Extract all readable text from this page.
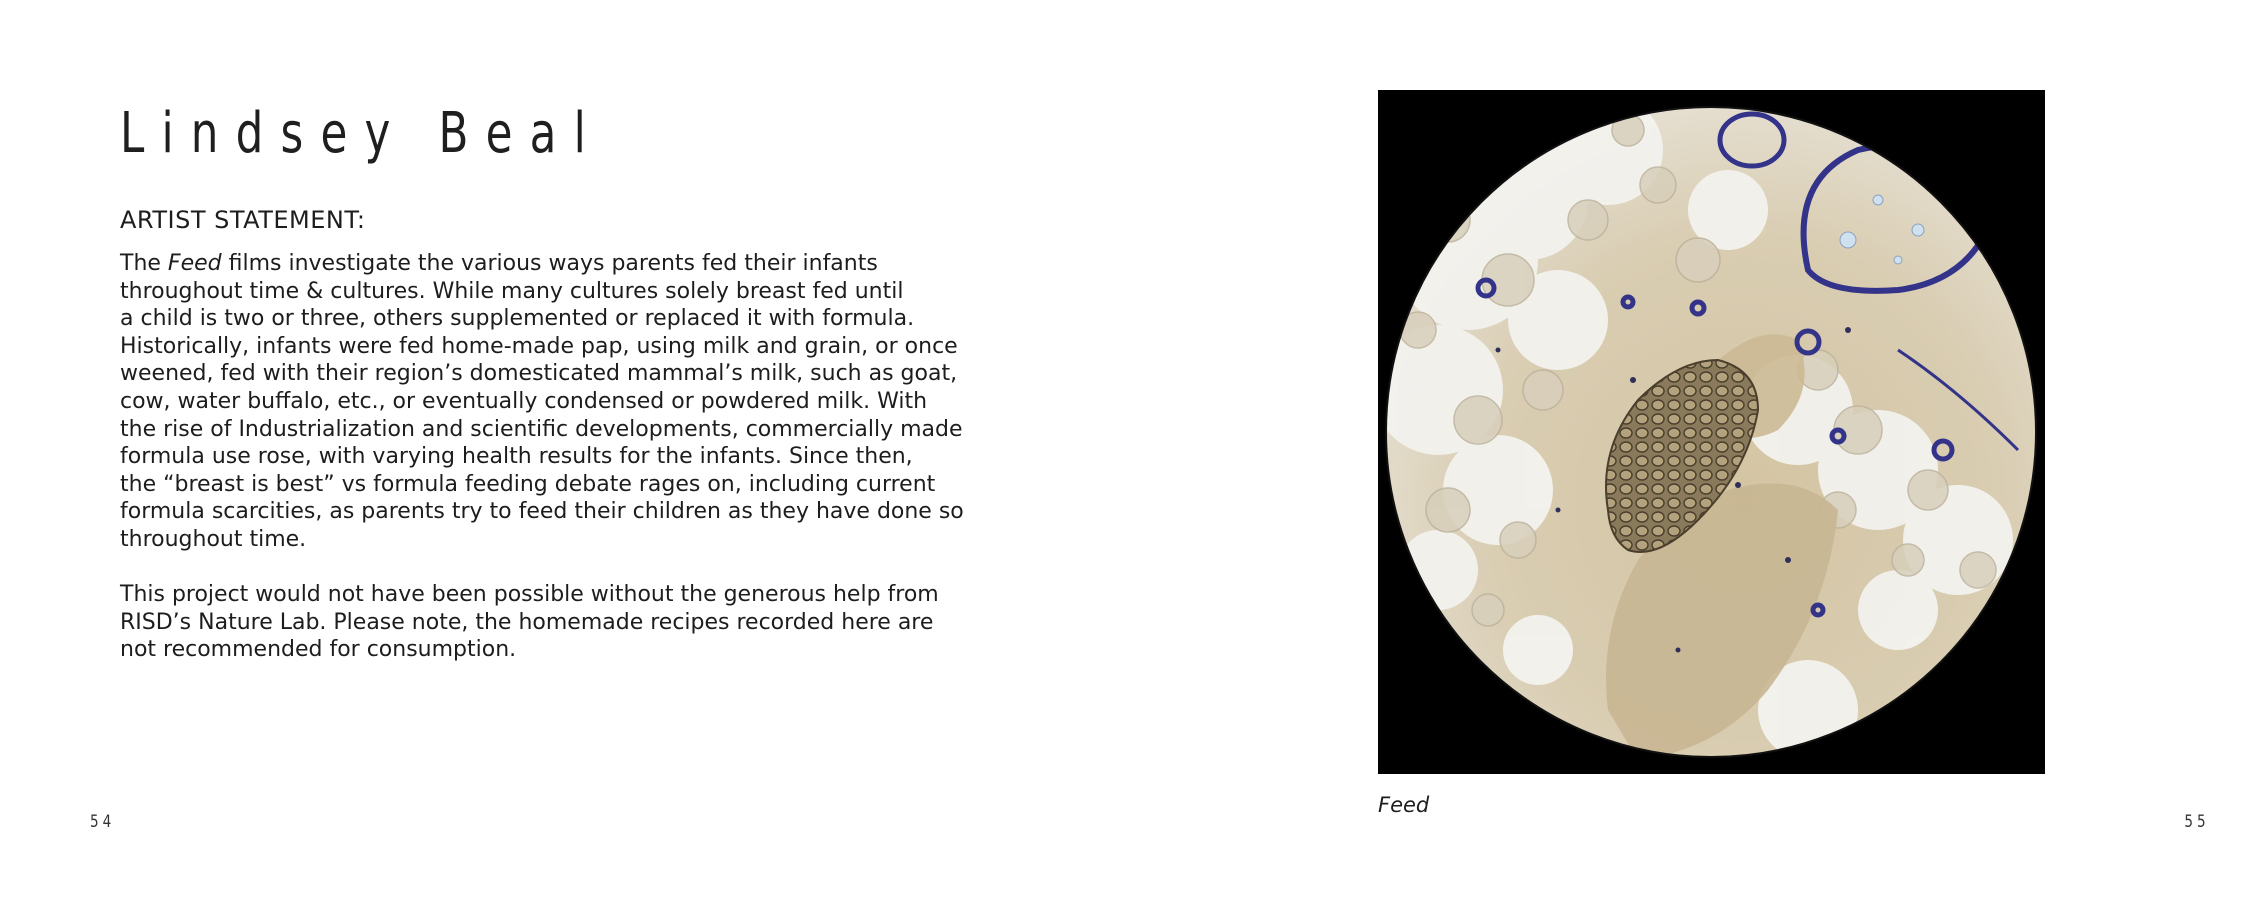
Lindsey Beal
ARTIST STATEMENT:

The Feed films investigate the various ways parents fed their infants
throughout time & cultures. While many cultures solely breast fed until
a child is two or three, others supplemented or replaced it with formula.
Historically, infants were fed home-made pap, using milk and grain, or once
weened, fed with their region’s domesticated mammal’s milk, such as goat,
cow, water buffalo, etc., or eventually condensed or powdered milk. With
the rise of Industrialization and scientific developments, commercially made
formula use rose, with varying health results for the infants. Since then,
the “breast is best” vs formula feeding debate rages on, including current
formula scarcities, as parents try to feed their children as they have done so
throughout time.

This project would not have been possible without the generous help from
RISD’s Nature Lab. Please note, the homemade recipes recorded here are
not recommended for consumption.

54

Feed

55
